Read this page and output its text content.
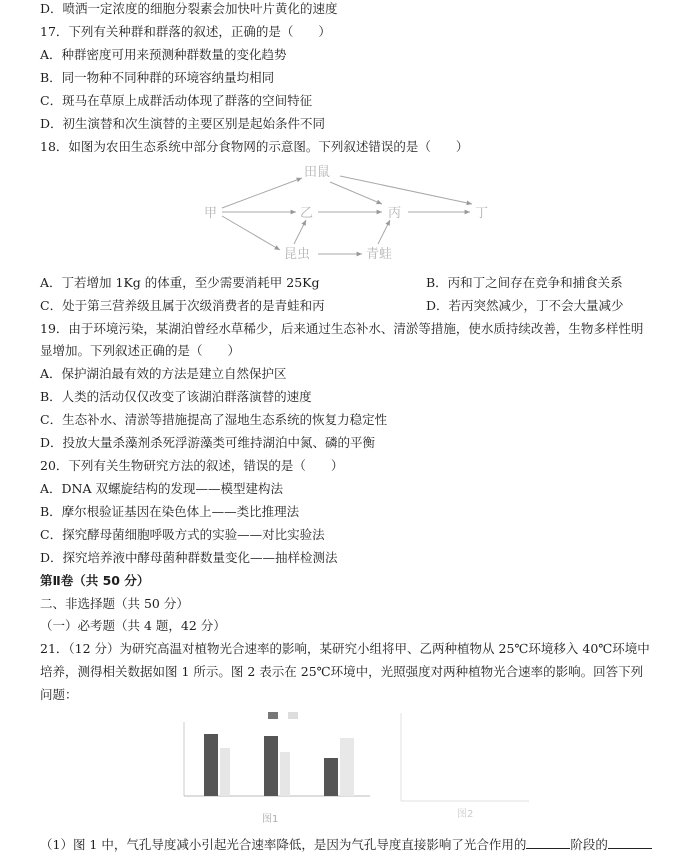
D．喷洒一定浓度的细胞分裂素会加快叶片黄化的速度
17．下列有关种群和群落的叙述，正确的是（　　）
A．种群密度可用来预测种群数量的变化趋势
B．同一物种不同种群的环境容纳量均相同
C．斑马在草原上成群活动体现了群落的空间特征
D．初生演替和次生演替的主要区别是起始条件不同
18．如图为农田生态系统中部分食物网的示意图。下列叙述错误的是（　　）
甲
田鼠
乙	丙	丁
昆虫	青蛙
A．丁若增加 1Kg 的体重，至少需要消耗甲 25Kg	B．丙和丁之间存在竞争和捕食关系
C．处于第三营养级且属于次级消费者的是青蛙和丙	D．若丙突然减少，丁不会大量减少
19．由于环境污染，某湖泊曾经水草稀少，后来通过生态补水、清淤等措施，使水质持续改善，生物多样性明
显增加。下列叙述正确的是（　　）
A．保护湖泊最有效的方法是建立自然保护区
B．人类的活动仅仅改变了该湖泊群落演替的速度
C．生态补水、清淤等措施提高了湿地生态系统的恢复力稳定性
D．投放大量杀藻剂杀死浮游藻类可维持湖泊中氮、磷的平衡
20．下列有关生物研究方法的叙述，错误的是（　　）
A．DNA 双螺旋结构的发现——模型建构法
B．摩尔根验证基因在染色体上——类比推理法
C．探究酵母菌细胞呼吸方式的实验——对比实验法
D．探究培养液中酵母菌种群数量变化——抽样检测法
第Ⅱ卷（共 50 分）
二、非选择题（共 50 分）
（一）必考题（共 4 题，42 分）
21．（12 分）为研究高温对植物光合速率的影响，某研究小组将甲、乙两种植物从 25℃环境移入 40℃环境中
培养，测得相关数据如图 1 所示。图 2 表示在 25℃环境中，光照强度对两种植物光合速率的影响。回答下列
问题：
图1	图2
（1）图 1 中，气孔导度减小引起光合速率降低，是因为气孔导度直接影响了光合作用的	阶段的
